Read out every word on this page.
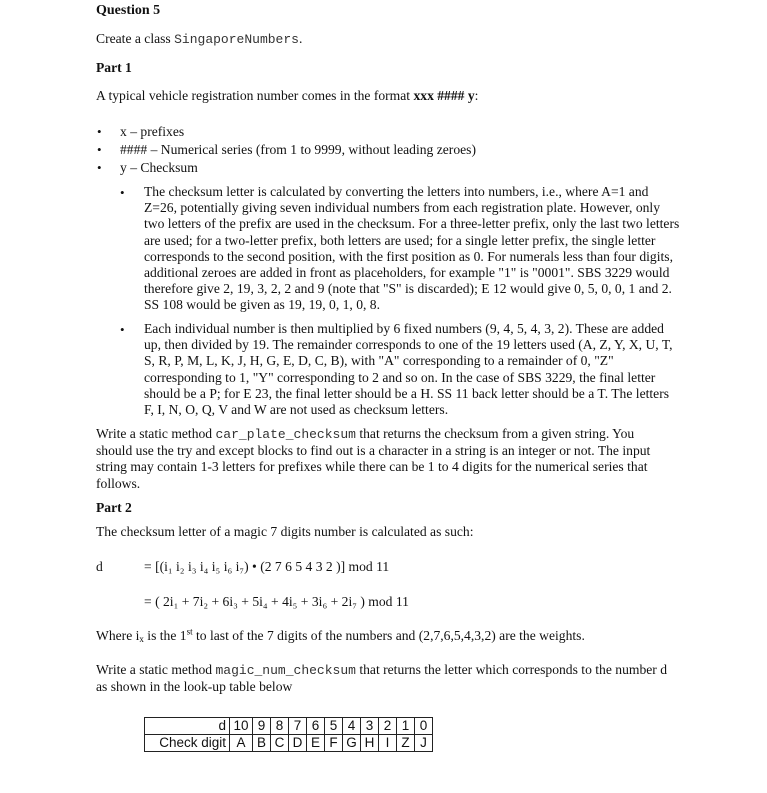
Question 5
Create a class SingaporeNumbers.
Part 1
A typical vehicle registration number comes in the format xxx #### y:
• x – prefixes
• #### – Numerical series (from 1 to 9999, without leading zeroes)
• y – Checksum
• The checksum letter is calculated by converting the letters into numbers, i.e., where A=1 and
Z=26, potentially giving seven individual numbers from each registration plate. However, only
two letters of the prefix are used in the checksum. For a three-letter prefix, only the last two letters
are used; for a two-letter prefix, both letters are used; for a single letter prefix, the single letter
corresponds to the second position, with the first position as 0. For numerals less than four digits,
additional zeroes are added in front as placeholders, for example "1" is "0001". SBS 3229 would
therefore give 2, 19, 3, 2, 2 and 9 (note that "S" is discarded); E 12 would give 0, 5, 0, 0, 1 and 2.
SS 108 would be given as 19, 19, 0, 1, 0, 8.
• Each individual number is then multiplied by 6 fixed numbers (9, 4, 5, 4, 3, 2). These are added
up, then divided by 19. The remainder corresponds to one of the 19 letters used (A, Z, Y, X, U, T,
S, R, P, M, L, K, J, H, G, E, D, C, B), with "A" corresponding to a remainder of 0, "Z"
corresponding to 1, "Y" corresponding to 2 and so on. In the case of SBS 3229, the final letter
should be a P; for E 23, the final letter should be a H. SS 11 back letter should be a T. The letters
F, I, N, O, Q, V and W are not used as checksum letters.
Write a static method car_plate_checksum that returns the checksum from a given string. You
should use the try and except blocks to find out is a character in a string is an integer or not. The input
string may contain 1-3 letters for prefixes while there can be 1 to 4 digits for the numerical series that
follows.
Part 2
The checksum letter of a magic 7 digits number is calculated as such:
d	= [(i₁ i₂ i₃ i₄ i₅ i₆ i₇) • (2 7 6 5 4 3 2 )] mod 11
= ( 2i₁ + 7i₂ + 6i₃ + 5i₄ + 4i₅ + 3i₆ + 2i₇ ) mod 11
Where $i_x$ is the 1st to last of the 7 digits of the numbers and (2,7,6,5,4,3,2) are the weights.
Write a static method magic_num_checksum that returns the letter which corresponds to the number d
as shown in the look-up table below
d	10	9	8	7	6	5	4	3	2	1	0
Check digit	A	B	C	D	E	F	G	H	I	Z	J
